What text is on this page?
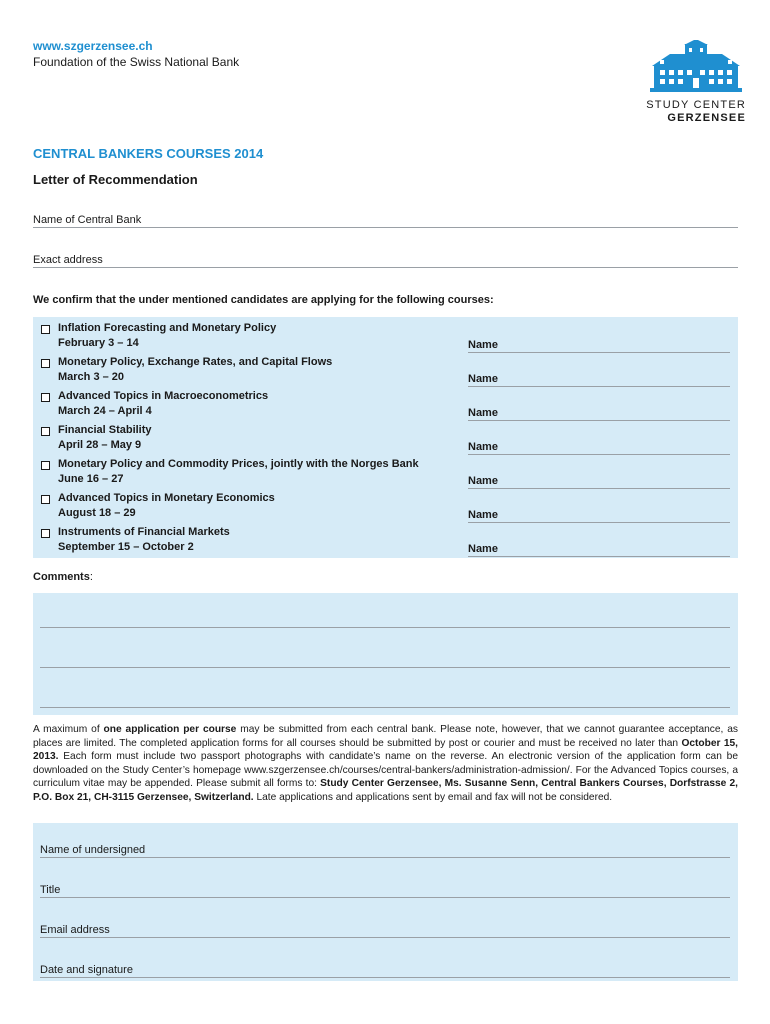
www.szgerzensee.ch
Foundation of the Swiss National Bank
STUDY CENTER
GERZENSEE
CENTRAL BANKERS COURSES 2014
Letter of Recommendation
Name of Central Bank
Exact address
We confirm that the under mentioned candidates are applying for the following courses:
Inflation Forecasting and Monetary Policy
February 3 – 14	Name
Monetary Policy, Exchange Rates, and Capital Flows
March 3 – 20	Name
Advanced Topics in Macroeconometrics
March 24 – April 4	Name
Financial Stability
April 28 – May 9	Name
Monetary Policy and Commodity Prices, jointly with the Norges Bank
June 16 – 27	Name
Advanced Topics in Monetary Economics
August 18 – 29	Name
Instruments of Financial Markets
September 15 – October 2	Name
Comments:
A maximum of one application per course may be submitted from each central bank. Please note, however, that we cannot guarantee acceptance, as places are limited. The completed application forms for all courses should be submitted by post or courier and must be received no later than October 15, 2013. Each form must include two passport photographs with candidate’s name on the reverse. An electronic version of the application form can be downloaded on the Study Center’s homepage www.szgerzensee.ch/courses/central-bankers/administration-admission/. For the Advanced Topics courses, a curriculum vitae may be appended. Please submit all forms to: Study Center Gerzensee, Ms. Susanne Senn, Central Bankers Courses, Dorfstrasse 2, P.O. Box 21, CH-3115 Gerzensee, Switzerland. Late applications and applications sent by email and fax will not be considered.
Name of undersigned
Title
Email address
Date and signature
